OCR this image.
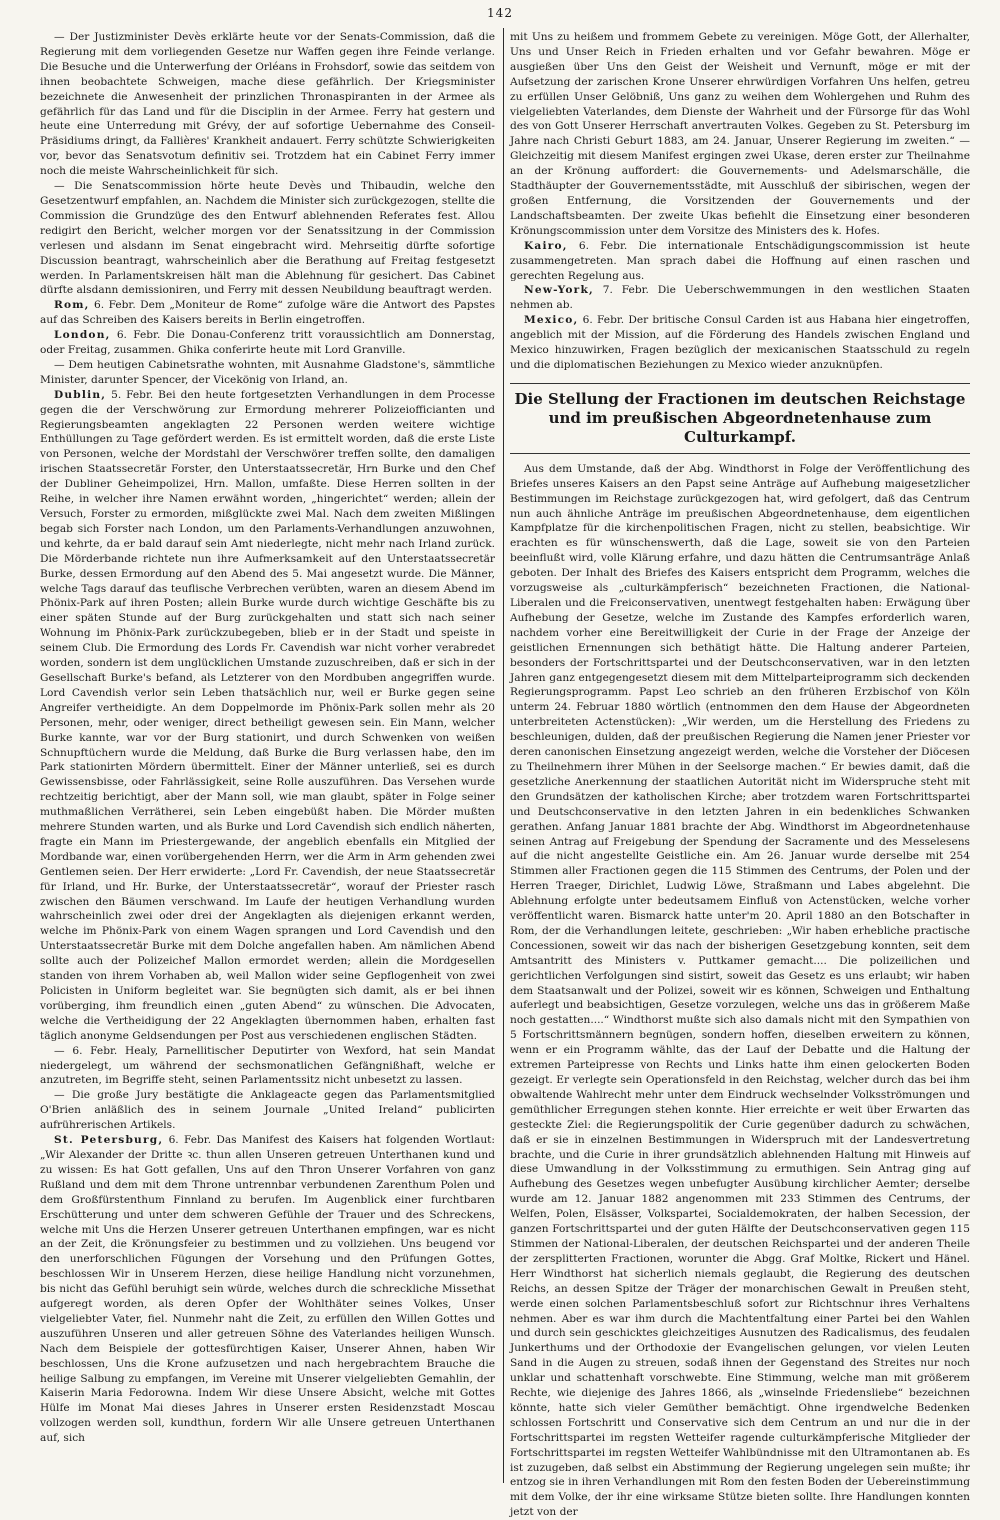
142

— Der Justizminister Devès erklärte heute vor der Senats-Commission, daß die Regierung mit dem vorliegenden Gesetze nur Waffen gegen ihre Feinde verlange. Die Besuche und die Unterwerfung der Orléans in Frohsdorf, sowie das seitdem von ihnen beobachtete Schweigen, mache diese gefährlich. Der Kriegsminister bezeichnete die Anwesenheit der prinzlichen Thronaspiranten in der Armee als gefährlich für das Land und für die Disciplin in der Armee. Ferry hat gestern und heute eine Unterredung mit Grévy, der auf sofortige Uebernahme des Conseil-Präsidiums dringt, da Fallières' Krankheit andauert. Ferry schützte Schwierigkeiten vor, bevor das Senatsvotum definitiv sei. Trotzdem hat ein Cabinet Ferry immer noch die meiste Wahrscheinlichkeit für sich.

— Die Senatscommission hörte heute Devès und Thibaudin, welche den Gesetzentwurf empfahlen, an. Nachdem die Minister sich zurückgezogen, stellte die Commission die Grundzüge des den Entwurf ablehnenden Referates fest. Allou redigirt den Bericht, welcher morgen vor der Senatssitzung in der Commission verlesen und alsdann im Senat eingebracht wird. Mehrseitig dürfte sofortige Discussion beantragt, wahrscheinlich aber die Berathung auf Freitag festgesetzt werden. In Parlamentskreisen hält man die Ablehnung für gesichert. Das Cabinet dürfte alsdann demissioniren, und Ferry mit dessen Neubildung beauftragt werden.

Rom, 6. Febr. Dem „Moniteur de Rome“ zufolge wäre die Antwort des Papstes auf das Schreiben des Kaisers bereits in Berlin eingetroffen.

London, 6. Febr. Die Donau-Conferenz tritt voraussichtlich am Donnerstag, oder Freitag, zusammen. Ghika conferirte heute mit Lord Granville.

— Dem heutigen Cabinetsrathe wohnten, mit Ausnahme Gladstone's, sämmtliche Minister, darunter Spencer, der Vicekönig von Irland, an.

Dublin, 5. Febr. Bei den heute fortgesetzten Verhandlungen in dem Processe gegen die der Verschwörung zur Ermordung mehrerer Polizeiofficianten und Regierungsbeamten angeklagten 22 Personen werden weitere wichtige Enthüllungen zu Tage gefördert werden. Es ist ermittelt worden, daß die erste Liste von Personen, welche der Mordstahl der Verschwörer treffen sollte, den damaligen irischen Staatssecretär Forster, den Unterstaatssecretär, Hrn Burke und den Chef der Dubliner Geheimpolizei, Hrn. Mallon, umfaßte. Diese Herren sollten in der Reihe, in welcher ihre Namen erwähnt worden, „hingerichtet“ werden; allein der Versuch, Forster zu ermorden, mißglückte zwei Mal. Nach dem zweiten Mißlingen begab sich Forster nach London, um den Parlaments-Verhandlungen anzuwohnen, und kehrte, da er bald darauf sein Amt niederlegte, nicht mehr nach Irland zurück. Die Mörderbande richtete nun ihre Aufmerksamkeit auf den Unterstaatssecretär Burke, dessen Ermordung auf den Abend des 5. Mai angesetzt wurde. Die Männer, welche Tags darauf das teuflische Verbrechen verübten, waren an diesem Abend im Phönix-Park auf ihren Posten; allein Burke wurde durch wichtige Geschäfte bis zu einer späten Stunde auf der Burg zurückgehalten und statt sich nach seiner Wohnung im Phönix-Park zurückzubegeben, blieb er in der Stadt und speiste in seinem Club. Die Ermordung des Lords Fr. Cavendish war nicht vorher verabredet worden, sondern ist dem unglücklichen Umstande zuzuschreiben, daß er sich in der Gesellschaft Burke's befand, als Letzterer von den Mordbuben angegriffen wurde. Lord Cavendish verlor sein Leben thatsächlich nur, weil er Burke gegen seine Angreifer vertheidigte. An dem Doppelmorde im Phönix-Park sollen mehr als 20 Personen, mehr, oder weniger, direct betheiligt gewesen sein. Ein Mann, welcher Burke kannte, war vor der Burg stationirt, und durch Schwenken von weißen Schnupftüchern wurde die Meldung, daß Burke die Burg verlassen habe, den im Park stationirten Mördern übermittelt. Einer der Männer unterließ, sei es durch Gewissensbisse, oder Fahrlässigkeit, seine Rolle auszuführen. Das Versehen wurde rechtzeitig berichtigt, aber der Mann soll, wie man glaubt, später in Folge seiner muthmaßlichen Verrätherei, sein Leben eingebüßt haben. Die Mörder mußten mehrere Stunden warten, und als Burke und Lord Cavendish sich endlich näherten, fragte ein Mann im Priestergewande, der angeblich ebenfalls ein Mitglied der Mordbande war, einen vorübergehenden Herrn, wer die Arm in Arm gehenden zwei Gentlemen seien. Der Herr erwiderte: „Lord Fr. Cavendish, der neue Staatssecretär für Irland, und Hr. Burke, der Unterstaatssecretär“, worauf der Priester rasch zwischen den Bäumen verschwand. Im Laufe der heutigen Verhandlung wurden wahrscheinlich zwei oder drei der Angeklagten als diejenigen erkannt werden, welche im Phönix-Park von einem Wagen sprangen und Lord Cavendish und den Unterstaatssecretär Burke mit dem Dolche angefallen haben. Am nämlichen Abend sollte auch der Polizeichef Mallon ermordet werden; allein die Mordgesellen standen von ihrem Vorhaben ab, weil Mallon wider seine Gepflogenheit von zwei Policisten in Uniform begleitet war. Sie begnügten sich damit, als er bei ihnen vorüberging, ihm freundlich einen „guten Abend“ zu wünschen. Die Advocaten, welche die Vertheidigung der 22 Angeklagten übernommen haben, erhalten fast täglich anonyme Geldsendungen per Post aus verschiedenen englischen Städten.

— 6. Febr. Healy, Parnellitischer Deputirter von Wexford, hat sein Mandat niedergelegt, um während der sechsmonatlichen Gefängnißhaft, welche er anzutreten, im Begriffe steht, seinen Parlamentssitz nicht unbesetzt zu lassen.

— Die große Jury bestätigte die Anklageacte gegen das Parlamentsmitglied O'Brien anläßlich des in seinem Journale „United Ireland“ publicirten aufrührerischen Artikels.

St. Petersburg, 6. Febr. Das Manifest des Kaisers hat folgenden Wortlaut: „Wir Alexander der Dritte ꝛc. thun allen Unseren getreuen Unterthanen kund und zu wissen: Es hat Gott gefallen, Uns auf den Thron Unserer Vorfahren von ganz Rußland und dem mit dem Throne untrennbar verbundenen Zarenthum Polen und dem Großfürstenthum Finnland zu berufen. Im Augenblick einer furchtbaren Erschütterung und unter dem schweren Gefühle der Trauer und des Schreckens, welche mit Uns die Herzen Unserer getreuen Unterthanen empfingen, war es nicht an der Zeit, die Krönungsfeier zu bestimmen und zu vollziehen. Uns beugend vor den unerforschlichen Fügungen der Vorsehung und den Prüfungen Gottes, beschlossen Wir in Unserem Herzen, diese heilige Handlung nicht vorzunehmen, bis nicht das Gefühl beruhigt sein würde, welches durch die schreckliche Missethat aufgeregt worden, als deren Opfer der Wohlthäter seines Volkes, Unser vielgeliebter Vater, fiel. Nunmehr naht die Zeit, zu erfüllen den Willen Gottes und auszuführen Unseren und aller getreuen Söhne des Vaterlandes heiligen Wunsch. Nach dem Beispiele der gottesfürchtigen Kaiser, Unserer Ahnen, haben Wir beschlossen, Uns die Krone aufzusetzen und nach hergebrachtem Brauche die heilige Salbung zu empfangen, im Vereine mit Unserer vielgeliebten Gemahlin, der Kaiserin Maria Fedorowna. Indem Wir diese Unsere Absicht, welche mit Gottes Hülfe im Monat Mai dieses Jahres in Unserer ersten Residenzstadt Moscau vollzogen werden soll, kundthun, fordern Wir alle Unsere getreuen Unterthanen auf, sich

mit Uns zu heißem und frommem Gebete zu vereinigen. Möge Gott, der Allerhalter, Uns und Unser Reich in Frieden erhalten und vor Gefahr bewahren. Möge er ausgießen über Uns den Geist der Weisheit und Vernunft, möge er mit der Aufsetzung der zarischen Krone Unserer ehrwürdigen Vorfahren Uns helfen, getreu zu erfüllen Unser Gelöbniß, Uns ganz zu weihen dem Wohlergehen und Ruhm des vielgeliebten Vaterlandes, dem Dienste der Wahrheit und der Fürsorge für das Wohl des von Gott Unserer Herrschaft anvertrauten Volkes. Gegeben zu St. Petersburg im Jahre nach Christi Geburt 1883, am 24. Januar, Unserer Regierung im zweiten.“ — Gleichzeitig mit diesem Manifest ergingen zwei Ukase, deren erster zur Theilnahme an der Krönung auffordert: die Gouvernements- und Adelsmarschälle, die Stadthäupter der Gouvernementsstädte, mit Ausschluß der sibirischen, wegen der großen Entfernung, die Vorsitzenden der Gouvernements und der Landschaftsbeamten. Der zweite Ukas befiehlt die Einsetzung einer besonderen Krönungscommission unter dem Vorsitze des Ministers des k. Hofes.

Kairo, 6. Febr. Die internationale Entschädigungscommission ist heute zusammengetreten. Man sprach dabei die Hoffnung auf einen raschen und gerechten Regelung aus.

New-York, 7. Febr. Die Ueberschwemmungen in den westlichen Staaten nehmen ab.

Mexico, 6. Febr. Der britische Consul Carden ist aus Habana hier eingetroffen, angeblich mit der Mission, auf die Förderung des Handels zwischen England und Mexico hinzuwirken, Fragen bezüglich der mexicanischen Staatsschuld zu regeln und die diplomatischen Beziehungen zu Mexico wieder anzuknüpfen.

Die Stellung der Fractionen im deutschen Reichstage und im preußischen Abgeordnetenhause zum Culturkampf.

Aus dem Umstande, daß der Abg. Windthorst in Folge der Veröffentlichung des Briefes unseres Kaisers an den Papst seine Anträge auf Aufhebung maigesetzlicher Bestimmungen im Reichstage zurückgezogen hat, wird gefolgert, daß das Centrum nun auch ähnliche Anträge im preußischen Abgeordnetenhause, dem eigentlichen Kampfplatze für die kirchenpolitischen Fragen, nicht zu stellen, beabsichtige. Wir erachten es für wünschenswerth, daß die Lage, soweit sie von den Parteien beeinflußt wird, volle Klärung erfahre, und dazu hätten die Centrumsanträge Anlaß geboten. Der Inhalt des Briefes des Kaisers entspricht dem Programm, welches die vorzugsweise als „culturkämpferisch“ bezeichneten Fractionen, die National-Liberalen und die Freiconservativen, unentwegt festgehalten haben: Erwägung über Aufhebung der Gesetze, welche im Zustande des Kampfes erforderlich waren, nachdem vorher eine Bereitwilligkeit der Curie in der Frage der Anzeige der geistlichen Ernennungen sich bethätigt hätte. Die Haltung anderer Parteien, besonders der Fortschrittspartei und der Deutschconservativen, war in den letzten Jahren ganz entgegengesetzt diesem mit dem Mittelparteiprogramm sich deckenden Regierungsprogramm. Papst Leo schrieb an den früheren Erzbischof von Köln unterm 24. Februar 1880 wörtlich (entnommen den dem Hause der Abgeordneten unterbreiteten Actenstücken): „Wir werden, um die Herstellung des Friedens zu beschleunigen, dulden, daß der preußischen Regierung die Namen jener Priester vor deren canonischen Einsetzung angezeigt werden, welche die Vorsteher der Diöcesen zu Theilnehmern ihrer Mühen in der Seelsorge machen.“ Er bewies damit, daß die gesetzliche Anerkennung der staatlichen Autorität nicht im Widerspruche steht mit den Grundsätzen der katholischen Kirche; aber trotzdem waren Fortschrittspartei und Deutschconservative in den letzten Jahren in ein bedenkliches Schwanken gerathen. Anfang Januar 1881 brachte der Abg. Windthorst im Abgeordnetenhause seinen Antrag auf Freigebung der Spendung der Sacramente und des Messelesens auf die nicht angestellte Geistliche ein. Am 26. Januar wurde derselbe mit 254 Stimmen aller Fractionen gegen die 115 Stimmen des Centrums, der Polen und der Herren Traeger, Dirichlet, Ludwig Löwe, Straßmann und Labes abgelehnt. Die Ablehnung erfolgte unter bedeutsamem Einfluß von Actenstücken, welche vorher veröffentlicht waren. Bismarck hatte unter'm 20. April 1880 an den Botschafter in Rom, der die Verhandlungen leitete, geschrieben: „Wir haben erhebliche practische Concessionen, soweit wir das nach der bisherigen Gesetzgebung konnten, seit dem Amtsantritt des Ministers v. Puttkamer gemacht.... Die polizeilichen und gerichtlichen Verfolgungen sind sistirt, soweit das Gesetz es uns erlaubt; wir haben dem Staatsanwalt und der Polizei, soweit wir es können, Schweigen und Enthaltung auferlegt und beabsichtigen, Gesetze vorzulegen, welche uns das in größerem Maße noch gestatten....“ Windthorst mußte sich also damals nicht mit den Sympathien von 5 Fortschrittsmännern begnügen, sondern hoffen, dieselben erweitern zu können, wenn er ein Programm wählte, das der Lauf der Debatte und die Haltung der extremen Parteipresse von Rechts und Links hatte ihm einen gelockerten Boden gezeigt. Er verlegte sein Operationsfeld in den Reichstag, welcher durch das bei ihm obwaltende Wahlrecht mehr unter dem Eindruck wechselnder Volksströmungen und gemüthlicher Erregungen stehen konnte. Hier erreichte er weit über Erwarten das gesteckte Ziel: die Regierungspolitik der Curie gegenüber dadurch zu schwächen, daß er sie in einzelnen Bestimmungen in Widerspruch mit der Landesvertretung brachte, und die Curie in ihrer grundsätzlich ablehnenden Haltung mit Hinweis auf diese Umwandlung in der Volksstimmung zu ermuthigen. Sein Antrag ging auf Aufhebung des Gesetzes wegen unbefugter Ausübung kirchlicher Aemter; derselbe wurde am 12. Januar 1882 angenommen mit 233 Stimmen des Centrums, der Welfen, Polen, Elsässer, Volkspartei, Socialdemokraten, der halben Secession, der ganzen Fortschrittspartei und der guten Hälfte der Deutschconservativen gegen 115 Stimmen der National-Liberalen, der deutschen Reichspartei und der anderen Theile der zersplitterten Fractionen, worunter die Abgg. Graf Moltke, Rickert und Hänel. Herr Windthorst hat sicherlich niemals geglaubt, die Regierung des deutschen Reichs, an dessen Spitze der Träger der monarchischen Gewalt in Preußen steht, werde einen solchen Parlamentsbeschluß sofort zur Richtschnur ihres Verhaltens nehmen. Aber es war ihm durch die Machtentfaltung einer Partei bei den Wahlen und durch sein geschicktes gleichzeitiges Ausnutzen des Radicalismus, des feudalen Junkerthums und der Orthodoxie der Evangelischen gelungen, vor vielen Leuten Sand in die Augen zu streuen, sodaß ihnen der Gegenstand des Streites nur noch unklar und schattenhaft vorschwebte. Eine Stimmung, welche man mit größerem Rechte, wie diejenige des Jahres 1866, als „winselnde Friedensliebe“ bezeichnen könnte, hatte sich vieler Gemüther bemächtigt. Ohne irgendwelche Bedenken schlossen Fortschritt und Conservative sich dem Centrum an und nur die in der Fortschrittspartei im regsten Wetteifer ragende culturkämpferische Mitglieder der Fortschrittspartei im regsten Wetteifer Wahlbündnisse mit den Ultramontanen ab. Es ist zuzugeben, daß selbst ein Abstimmung der Regierung ungelegen sein mußte; ihr entzog sie in ihren Verhandlungen mit Rom den festen Boden der Uebereinstimmung mit dem Volke, der ihr eine wirksame Stütze bieten sollte. Ihre Handlungen konnten jetzt von der
